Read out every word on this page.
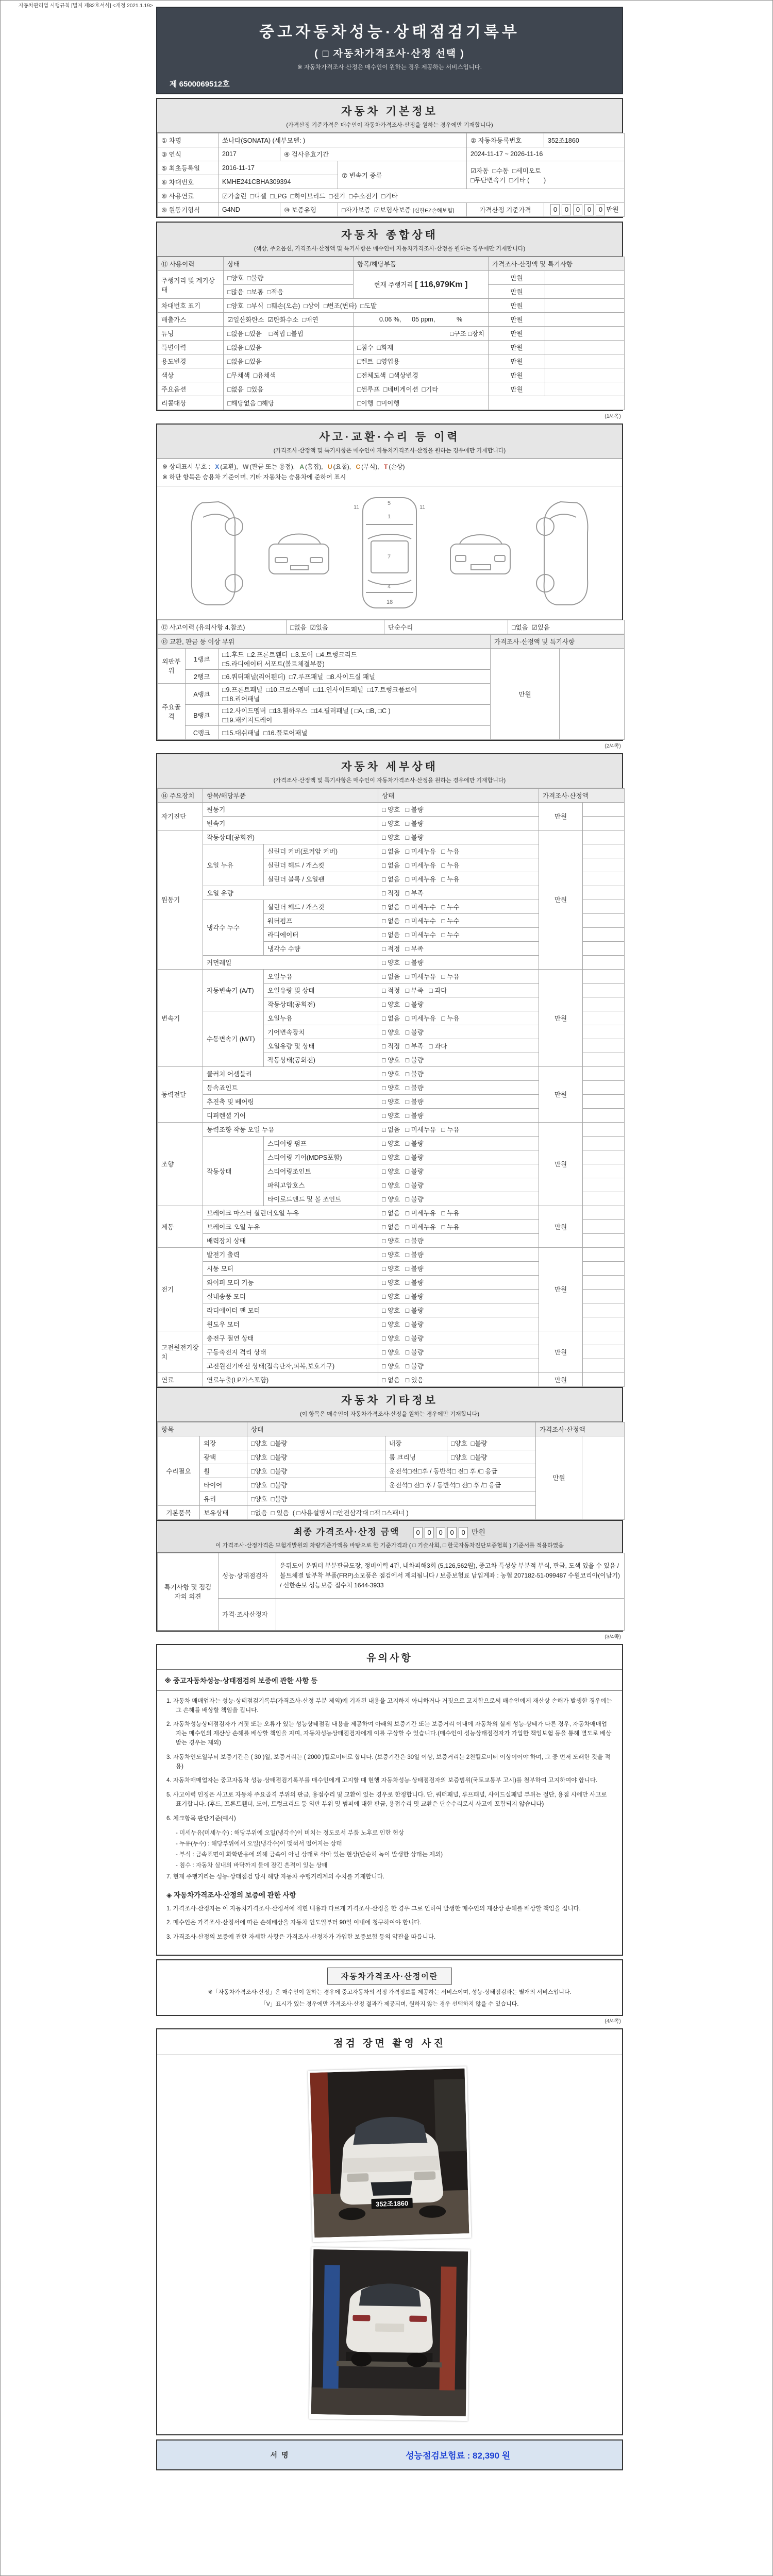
자동차관리법 시행규칙 [별지 제82호서식] <개정 2021.1.19>
중고자동차성능·상태점검기록부
( □ 자동차가격조사·산정 선택 )
※ 자동차가격조사·산정은 매수인이 원하는 경우 제공하는 서비스입니다.
제 6500069512호
자동차 기본정보
(가격산정 기준가격은 매수인이 자동차가격조사·산정을 원하는 경우에만 기재합니다)
① 차명	쏘나타(SONATA) (세부모델: )			② 자동차등록번호	352조1860
③ 연식	2017	④ 검사유효기간		2024-11-17 ~ 2026-11-16	
⑤ 최초등록일	2016-11-17		⑦ 변속기 종류	☑자동  □수동  □세미오토
□무단변속기  □기타 (        )	
⑥ 차대번호	KMHE241CBHA309394				
⑧ 사용연료	☑가솔린  □디젤  □LPG  □하이브리드  □전기  □수소전기  □기타				
⑨ 원동기형식	G4ND	⑩ 보증유형	□자가보증  ☑보험사보증 [신한EZ손해보험]	가격산정 기준가격	0 0 0 0 0 만원
자동차 종합상태
(색상, 주요옵션, 가격조사·산정액 및 특기사항은 매수인이 자동차가격조사·산정을 원하는 경우에만 기재합니다)
⑪ 사용이력	상태	항목/해당부품	가격조사·산정액 및 특기사항	
주행거리 및 계기상태	□양호  □불량	현재 주행거리 [ 116,979Km ]	만원	
	□많음  □보통  □적음		만원	
차대번호 표기	□양호  □부식  □훼손(오손)  □상이  □변조(변타)  □도말		만원	
배출가스	☑일산화탄소  ☑탄화수소  □매연	0.06 %,      05 ppm,            %	만원	
튜닝	□없음 □있음    □적법 □불법	□구조 □장치	만원	
특별이력	□없음 □있음	□침수  □화재	만원	
용도변경	□없음 □있음	□렌트  □영업용	만원	
색상	□무채색  □유채색	□전체도색  □색상변경	만원	
주요옵션	□없음  □있음	□썬루프  □네비게이션  □기타	만원	
리콜대상	□해당없음 □해당	□이행  □미이행		
(1/4쪽)
사고·교환·수리 등 이력
(가격조사·산정액 및 특기사항은 매수인이 자동차가격조사·산정을 원하는 경우에만 기재합니다)
※ 상태표시 부호 : X (교환), W (판금 또는 용접), A (흠집), U (요철), C (부식), T (손상)
※ 하단 항목은 승용차 기준이며, 기타 자동차는 승용차에 준하여 표시
11
5
11
1
7
4
18
⑫ 사고이력 (유의사항 4.참조)	□없음  ☑있음	단순수리	□없음  ☑있음
⑬ 교환, 판금 등 이상 부위			가격조사·산정액 및 특기사항	
외판부위	1랭크	□1.후드  □2.프론트휀더  □3.도어  □4.트렁크리드
□5.라디에이터 서포트(볼트체결부품)	만원	
	2랭크	□6.쿼터패널(리어휀더)  □7.루프패널  □8.사이드실 패널		
주요골격	A랭크	□9.프론트패널  □10.크로스멤버  □11.인사이드패널  □17.트렁크플로어
□18.리어패널		
	B랭크	□12.사이드멤버  □13.휠하우스  □14.필러패널 ( □A, □B, □C )
□19.패키지트레이		
	C랭크	□15.대쉬패널  □16.플로어패널		
(2/4쪽)
자동차 세부상태
(가격조사·산정액 및 특기사항은 매수인이 자동차가격조사·산정을 원하는 경우에만 기재합니다)
⑭ 주요장치	항목/해당부품		상태	가격조사·산정액	
자기진단	원동기		□ 양호   □ 불량	만원	
	변속기		□ 양호   □ 불량		
원동기	작동상태(공회전)		□ 양호   □ 불량	만원	
	오일 누유	실린더 커버(로커암 커버)	□ 없음   □ 미세누유   □ 누유		
		실린더 헤드 / 개스킷	□ 없음   □ 미세누유   □ 누유		
		실린더 블록 / 오일팬	□ 없음   □ 미세누유   □ 누유		
	오일 유량		□ 적정   □ 부족		
	냉각수 누수	실린더 헤드 / 개스킷	□ 없음   □ 미세누수   □ 누수		
		워터펌프	□ 없음   □ 미세누수   □ 누수		
		라디에이터	□ 없음   □ 미세누수   □ 누수		
		냉각수 수량	□ 적정   □ 부족		
	커먼레일		□ 양호   □ 불량		
변속기	자동변속기 (A/T)	오일누유	□ 없음   □ 미세누유   □ 누유	만원	
		오일유량 및 상태	□ 적정   □ 부족   □ 과다		
		작동상태(공회전)	□ 양호   □ 불량		
	수동변속기 (M/T)	오일누유	□ 없음   □ 미세누유   □ 누유		
		기어변속장치	□ 양호   □ 불량		
		오일유량 및 상태	□ 적정   □ 부족   □ 과다		
		작동상태(공회전)	□ 양호   □ 불량		
동력전달	클러치 어셈블리		□ 양호   □ 불량	만원	
	등속죠인트		□ 양호   □ 불량		
	추진축 및 베어링		□ 양호   □ 불량		
	디퍼렌셜 기어		□ 양호   □ 불량		
조향	동력조향 작동 오일 누유		□ 없음   □ 미세누유   □ 누유	만원	
	작동상태	스티어링 펌프	□ 양호   □ 불량		
		스티어링 기어(MDPS포함)	□ 양호   □ 불량		
		스티어링조인트	□ 양호   □ 불량		
		파워고압호스	□ 양호   □ 불량		
		타이로드엔드 및 볼 조인트	□ 양호   □ 불량		
제동	브레이크 마스터 실린더오일 누유		□ 없음   □ 미세누유   □ 누유	만원	
	브레이크 오일 누유		□ 없음   □ 미세누유   □ 누유		
	배력장치 상태		□ 양호   □ 불량		
전기	발전기 출력		□ 양호   □ 불량	만원	
	시동 모터		□ 양호   □ 불량		
	와이퍼 모터 기능		□ 양호   □ 불량		
	실내송풍 모터		□ 양호   □ 불량		
	라디에이터 팬 모터		□ 양호   □ 불량		
	윈도우 모터		□ 양호   □ 불량		
고전원전기장치	충전구 절연 상태		□ 양호   □ 불량	만원	
	구동축전지 격리 상태		□ 양호   □ 불량		
	고전원전기배선 상태(접속단자,피복,보호기구)		□ 양호   □ 불량		
연료	연료누출(LP가스포함)		□ 없음   □ 있음	만원	
자동차 기타정보
(이 항목은 매수인이 자동차가격조사·산정을 원하는 경우에만 기재합니다)
항목		상태			가격조사·산정액	
수리필요	외장	□양호  □불량	내장	□양호  □불량	만원	
	광택	□양호  □불량	룸 크리닝	□양호  □불량		
	휠	□양호  □불량	운전석□전□후 / 동반석□ 전□ 후 /□ 응급			
	타이어	□양호  □불량	운전석□ 전□ 후 / 동반석□ 전□ 후 /□ 응급			
	유리	□양호  □불량				
기본품목	보유상태	□없음  □ 있음  ( □사용설명서 □안전삼각대 □잭 □스패너 )				
최종 가격조사·산정 금액 0 0 0 0 0 만원
이 가격조사·산정가격은 보험개발원의 차량기준가액을 바탕으로 한 기준가격과 ( □ 기술사회, □ 한국자동차진단보증협회 ) 기준서를 적용하였음
특기사항 및 점검자의 의견	성능·상태점검자	운뒤도어 운쿼터 부분판금도장, 정비이력 4건, 내차피해3회 (5,126,562원), 중고차 특성상 부분적 부식, 판금, 도색 있을 수 있음 / 볼트체결 탈부착 부품(FRP)소모품은 점검에서 제외됩니다 / 보증보험료 납입계좌 : 농협 207182-51-099487 수원코리아(이남기) / 신한손보 성능보증 접수처 1644-3933
	가격·조사산정자	
(3/4쪽)
유의사항
※ 중고자동차성능·상태점검의 보증에 관한 사항 등

1. 자동차 매매업자는 성능·상태점검기록부(가격조사·산정 부분 제외)에 기재된 내용을 고지하지 아니하거나 거짓으로 고지함으로써 매수인에게 재산상 손해가 발생한 경우에는 그 손해를 배상할 책임을 집니다.

2. 자동차성능상태점검자가 거짓 또는 오류가 있는 성능상태점검 내용을 제공하여 아래의 보증기간 또는 보증거리 이내에 자동차의 실제 성능·상태가 다른 경우, 자동차매매업자는 매수인의 재산상 손해를 배상할 책임을 지며, 자동차성능상태점검자에게 이를 구상할 수 있습니다.(매수인이 성능상태점검자가 가입한 책임보험 등을 통해 별도로 배상받는 경우는 제외)

3. 자동차인도일부터 보증기간은 ( 30 )일, 보증거리는 ( 2000 )킬로미터로 합니다. (보증기간은 30일 이상, 보증거리는 2천킬로미터 이상이어야 하며, 그 중 먼저 도래한 것을 적용)

4. 자동차매매업자는 중고자동차 성능·상태점검기록부를 매수인에게 고지할 때 현행 자동차성능·상태점검자의 보증범위(국토교통부 고시)를 첨부하여 고지하여야 합니다.

5. 사고이력 인정은 사고로 자동차 주요골격 부위의 판금, 용접수리 및 교환이 있는 경우로 한정합니다. 단, 쿼터패널, 루프패널, 사이드실패널 부위는 절단, 용접 시에만 사고로 표기합니다. (후드, 프론트휀더, 도어, 트렁크리드 등 외판 부위 및 범퍼에 대한 판금, 용접수리 및 교환은 단순수리로서 사고에 포함되지 않습니다)

6. 체크항목 판단기준(예시)

- 미세누유(미세누수) : 해당부위에 오일(냉각수)이 비치는 정도로서 부품 노후로 인한 현상

- 누유(누수) : 해당부위에서 오일(냉각수)이 맺혀서 떨어지는 상태

- 부식 : 금속표면이 화학반응에 의해 금속이 아닌 상태로 삭아 있는 현상(단순히 녹이 발생한 상태는 제외)

- 침수 : 자동차 실내의 바닥까지 물에 잠긴 흔적이 있는 상태

7. 현재 주행거리는 성능·상태점검 당시 해당 자동차 주행거리계의 수치를 기재합니다.

◈ 자동차가격조사·산정의 보증에 관한 사항

1. 가격조사·산정자는 이 자동차가격조사·산정서에 적힌 내용과 다르게 가격조사·산정을 한 경우 그로 인하여 발생한 매수인의 재산상 손해를 배상할 책임을 집니다.

2. 매수인은 가격조사·산정서에 따른 손해배상을 자동차 인도일부터 90일 이내에 청구하여야 합니다.

3. 가격조사·산정의 보증에 관한 자세한 사항은 가격조사·산정자가 가입한 보증보험 등의 약관을 따릅니다.

자동차가격조사·산정이란
※「자동차가격조사·산정」은 매수인이 원하는 경우에 중고자동차의 적정 가격정보를 제공하는 서비스이며, 성능·상태점검과는 별개의 서비스입니다.
「V」표시가 있는 경우에만 가격조사·산정 결과가 제공되며, 원하지 않는 경우 선택하지 않을 수 있습니다.
(4/4쪽)
점검 장면 촬영 사진
352조1860

서명	성능점검보험료 : 82,390 원
